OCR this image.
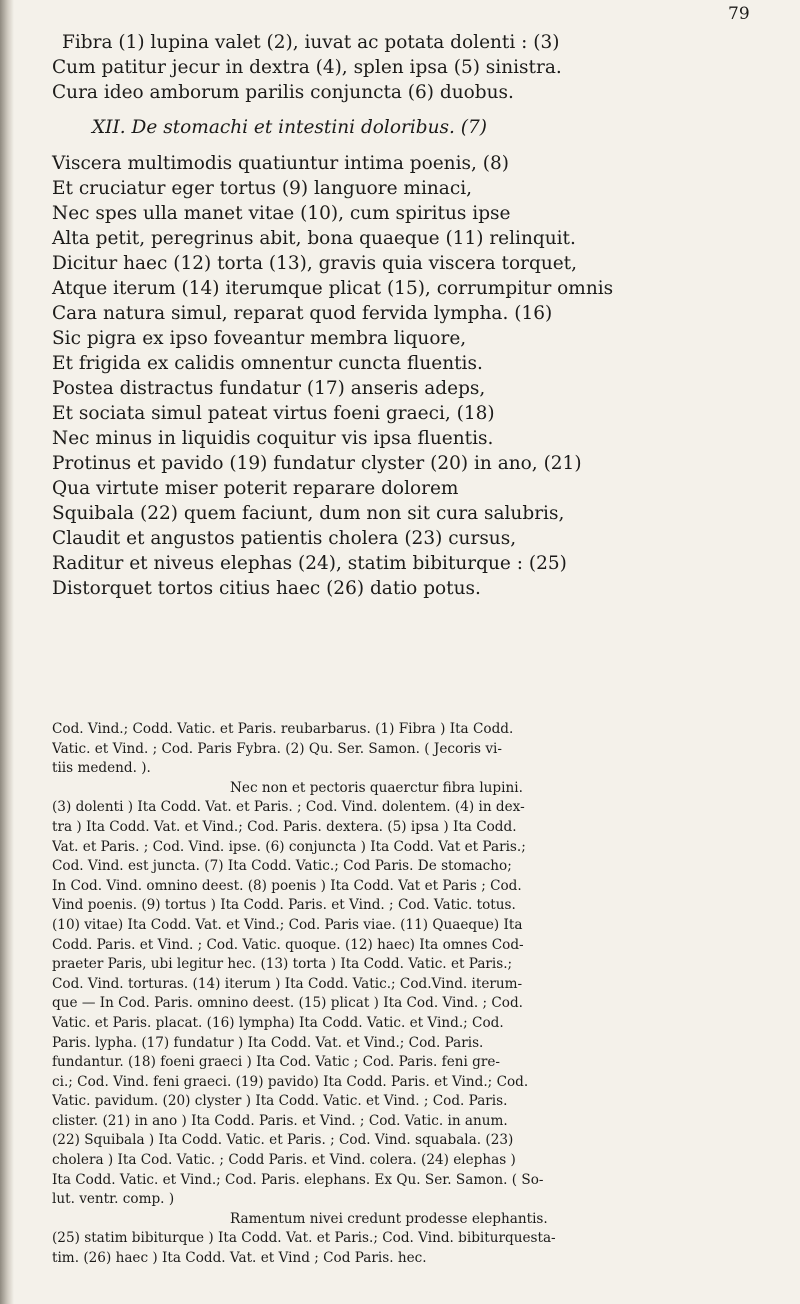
79

Fibra (1) lupina valet (2), iuvat ac potata dolenti : (3)

Cum patitur jecur in dextra (4), splen ipsa (5) sinistra.

Cura ideo amborum parilis conjuncta (6) duobus.

XII. De stomachi et intestini doloribus. (7)

Viscera multimodis quatiuntur intima poenis, (8)

Et cruciatur eger tortus (9) languore minaci,

Nec spes ulla manet vitae (10), cum spiritus ipse

Alta petit, peregrinus abit, bona quaeque (11) relinquit.

Dicitur haec (12) torta (13), gravis quia viscera torquet,

Atque iterum (14) iterumque plicat (15), corrumpitur omnis

Cara natura simul, reparat quod fervida lympha. (16)

Sic pigra ex ipso foveantur membra liquore,

Et frigida ex calidis omnentur cuncta fluentis.

Postea distractus fundatur (17) anseris adeps,

Et sociata simul pateat virtus foeni graeci, (18)

Nec minus in liquidis coquitur vis ipsa fluentis.

Protinus et pavido (19) fundatur clyster (20) in ano, (21)

Qua virtute miser poterit reparare dolorem

Squibala (22) quem faciunt, dum non sit cura salubris,

Claudit et angustos patientis cholera (23) cursus,

Raditur et niveus elephas (24), statim bibiturque : (25)

Distorquet tortos citius haec (26) datio potus.

Cod. Vind.; Codd. Vatic. et Paris. reubarbarus. (1) Fibra ) Ita Codd.

Vatic. et Vind. ; Cod. Paris Fybra. (2) Qu. Ser. Samon. ( Jecoris vi-

tiis medend. ).

Nec non et pectoris quaerctur fibra lupini.

(3) dolenti ) Ita Codd. Vat. et Paris. ; Cod. Vind. dolentem. (4) in dex-

tra ) Ita Codd. Vat. et Vind.; Cod. Paris. dextera. (5) ipsa ) Ita Codd.

Vat. et Paris. ; Cod. Vind. ipse. (6) conjuncta ) Ita Codd. Vat et Paris.;

Cod. Vind. est juncta. (7) Ita Codd. Vatic.; Cod Paris. De stomacho;

In Cod. Vind. omnino deest. (8) poenis ) Ita Codd. Vat et Paris ; Cod.

Vind poenis. (9) tortus ) Ita Codd. Paris. et Vind. ; Cod. Vatic. totus.

(10) vitae) Ita Codd. Vat. et Vind.; Cod. Paris viae. (11) Quaeque) Ita

Codd. Paris. et Vind. ; Cod. Vatic. quoque. (12) haec) Ita omnes Cod-

praeter Paris, ubi legitur hec. (13) torta ) Ita Codd. Vatic. et Paris.;

Cod. Vind. torturas. (14) iterum ) Ita Codd. Vatic.; Cod.Vind. iterum-

que — In Cod. Paris. omnino deest. (15) plicat ) Ita Cod. Vind. ; Cod.

Vatic. et Paris. placat. (16) lympha) Ita Codd. Vatic. et Vind.; Cod.

Paris. lypha. (17) fundatur ) Ita Codd. Vat. et Vind.; Cod. Paris.

fundantur. (18) foeni graeci ) Ita Cod. Vatic ; Cod. Paris. feni gre-

ci.; Cod. Vind. feni graeci. (19) pavido) Ita Codd. Paris. et Vind.; Cod.

Vatic. pavidum. (20) clyster ) Ita Codd. Vatic. et Vind. ; Cod. Paris.

clister. (21) in ano ) Ita Codd. Paris. et Vind. ; Cod. Vatic. in anum.

(22) Squibala ) Ita Codd. Vatic. et Paris. ; Cod. Vind. squabala. (23)

cholera ) Ita Cod. Vatic. ; Codd Paris. et Vind. colera. (24) elephas )

Ita Codd. Vatic. et Vind.; Cod. Paris. elephans. Ex Qu. Ser. Samon. ( So-

lut. ventr. comp. )

Ramentum nivei credunt prodesse elephantis.

(25) statim bibiturque ) Ita Codd. Vat. et Paris.; Cod. Vind. bibiturquesta-

tim. (26) haec ) Ita Codd. Vat. et Vind ; Cod Paris. hec.
